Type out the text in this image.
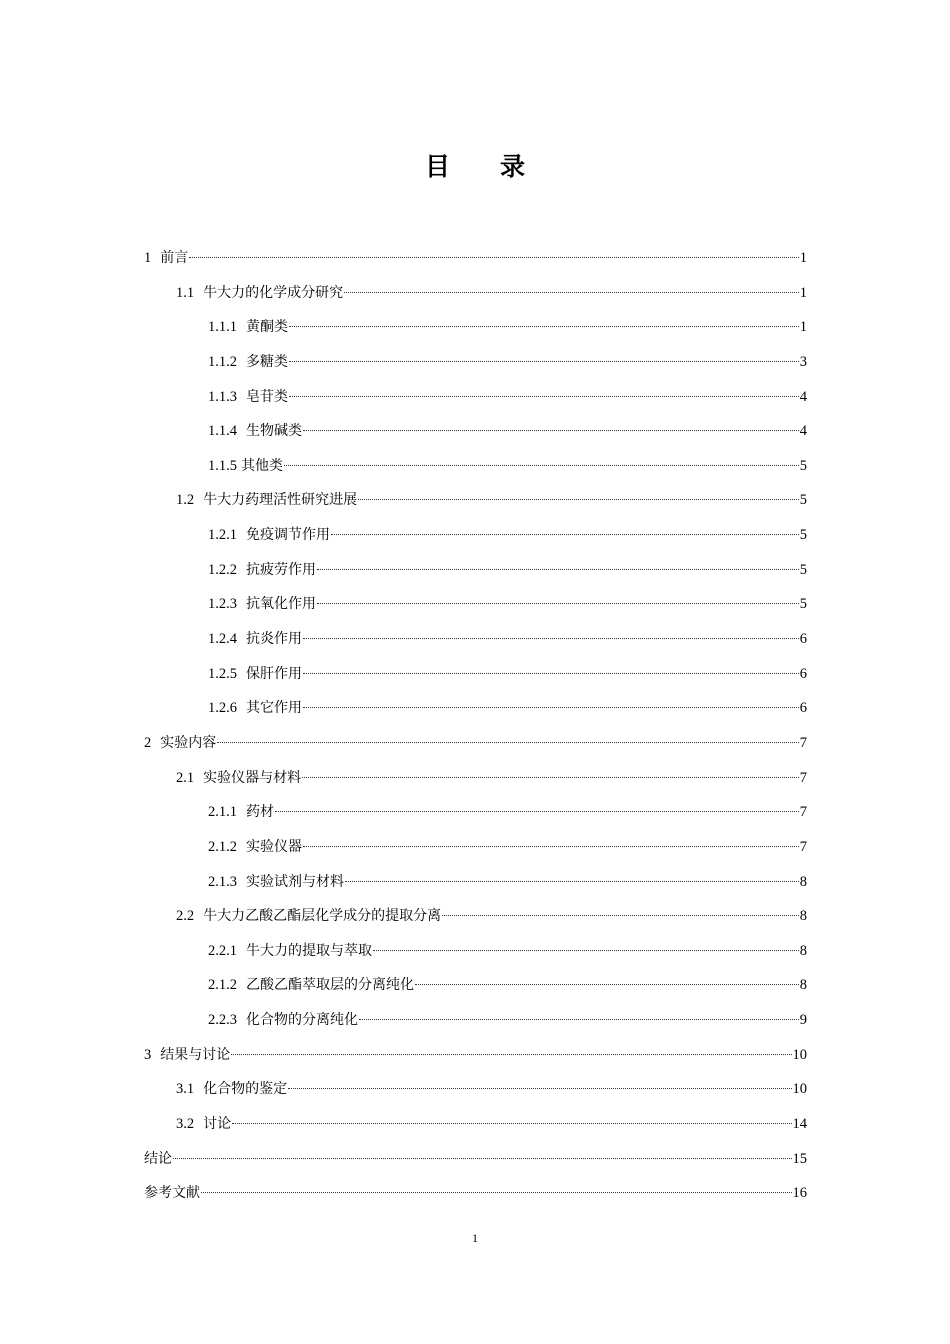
目　　录
1 前言	1
1.1 牛大力的化学成分研究	1
1.1.1 黄酮类	1
1.1.2 多糖类	3
1.1.3 皂苷类	4
1.1.4 生物碱类	4
1.1.5 其他类	5
1.2 牛大力药理活性研究进展	5
1.2.1 免疫调节作用	5
1.2.2 抗疲劳作用	5
1.2.3 抗氧化作用	5
1.2.4 抗炎作用	6
1.2.5 保肝作用	6
1.2.6 其它作用	6
2 实验内容	7
2.1 实验仪器与材料	7
2.1.1 药材	7
2.1.2 实验仪器	7
2.1.3 实验试剂与材料	8
2.2 牛大力乙酸乙酯层化学成分的提取分离	8
2.2.1 牛大力的提取与萃取	8
2.1.2 乙酸乙酯萃取层的分离纯化	8
2.2.3 化合物的分离纯化	9
3 结果与讨论	10
3.1 化合物的鉴定	10
3.2 讨论	14
结论	15
参考文献	16
1
